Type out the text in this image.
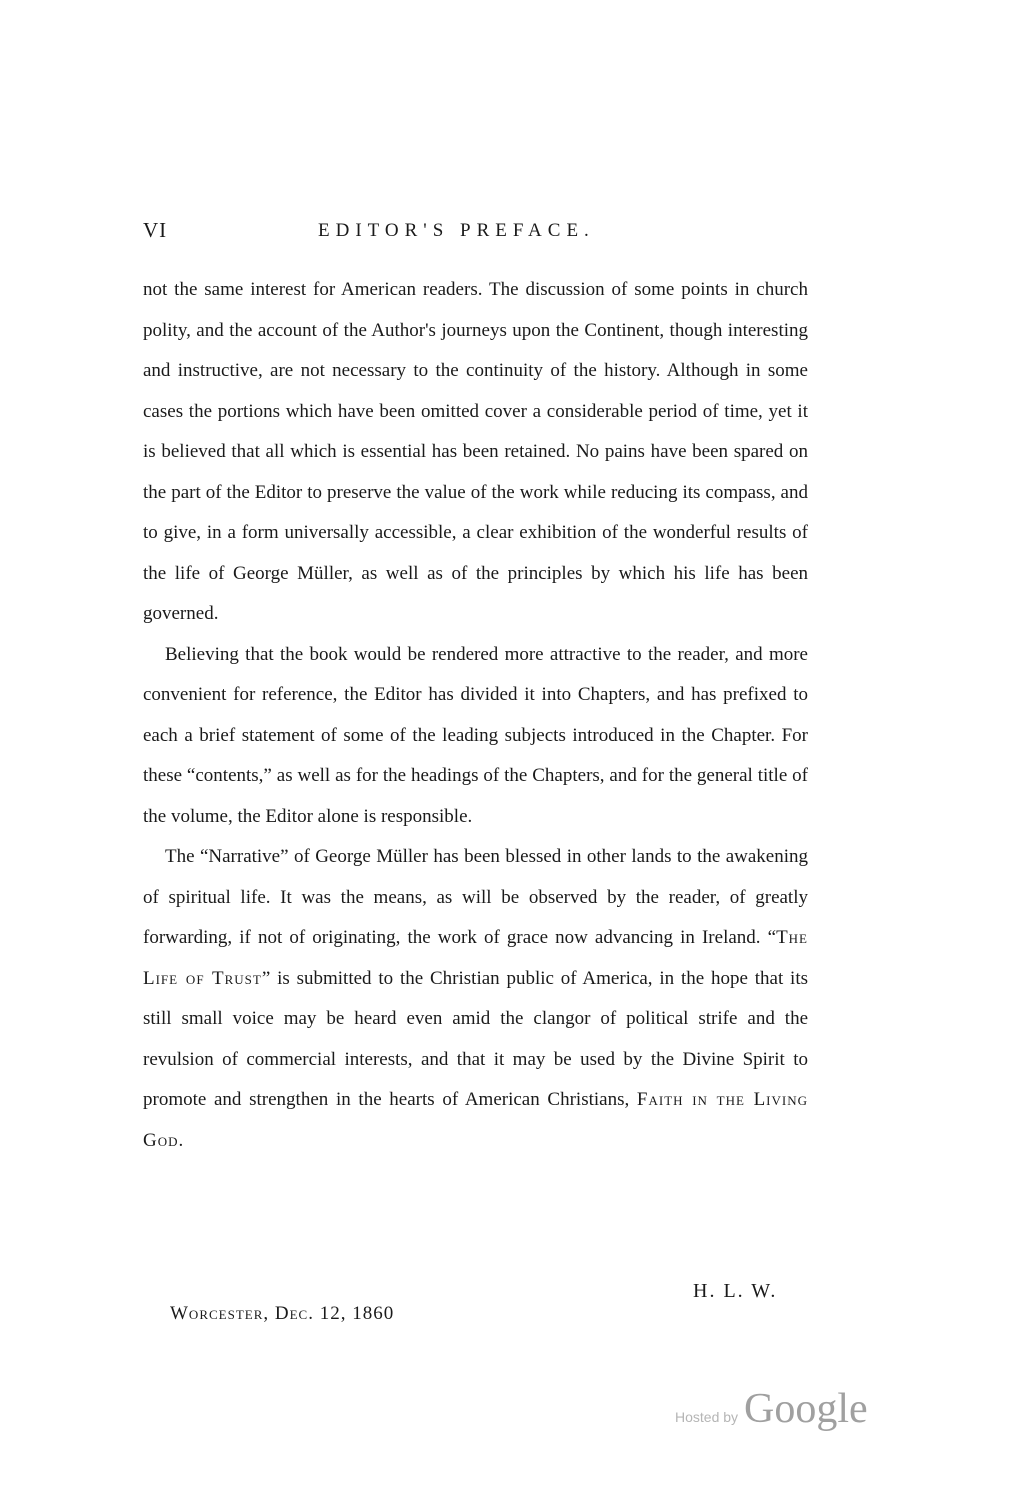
VI	EDITOR'S PREFACE.

not the same interest for American readers. The discussion of some points in church polity, and the account of the Author's journeys upon the Continent, though interesting and instructive, are not necessary to the continuity of the history. Although in some cases the portions which have been omitted cover a considerable period of time, yet it is believed that all which is essential has been retained. No pains have been spared on the part of the Editor to preserve the value of the work while reducing its compass, and to give, in a form universally accessible, a clear exhibition of the wonderful results of the life of George Müller, as well as of the principles by which his life has been governed.

Believing that the book would be rendered more attractive to the reader, and more convenient for reference, the Editor has divided it into Chapters, and has prefixed to each a brief statement of some of the leading subjects introduced in the Chapter. For these “contents,” as well as for the headings of the Chapters, and for the general title of the volume, the Editor alone is responsible.

The “Narrative” of George Müller has been blessed in other lands to the awakening of spiritual life. It was the means, as will be observed by the reader, of greatly forwarding, if not of originating, the work of grace now advancing in Ireland. “The Life of Trust” is submitted to the Christian public of America, in the hope that its still small voice may be heard even amid the clangor of political strife and the revulsion of commercial interests, and that it may be used by the Divine Spirit to promote and strengthen in the hearts of American Christians, Faith in the Living God.

H. L. W.
Worcester, Dec. 12, 1860
Hosted by Google
